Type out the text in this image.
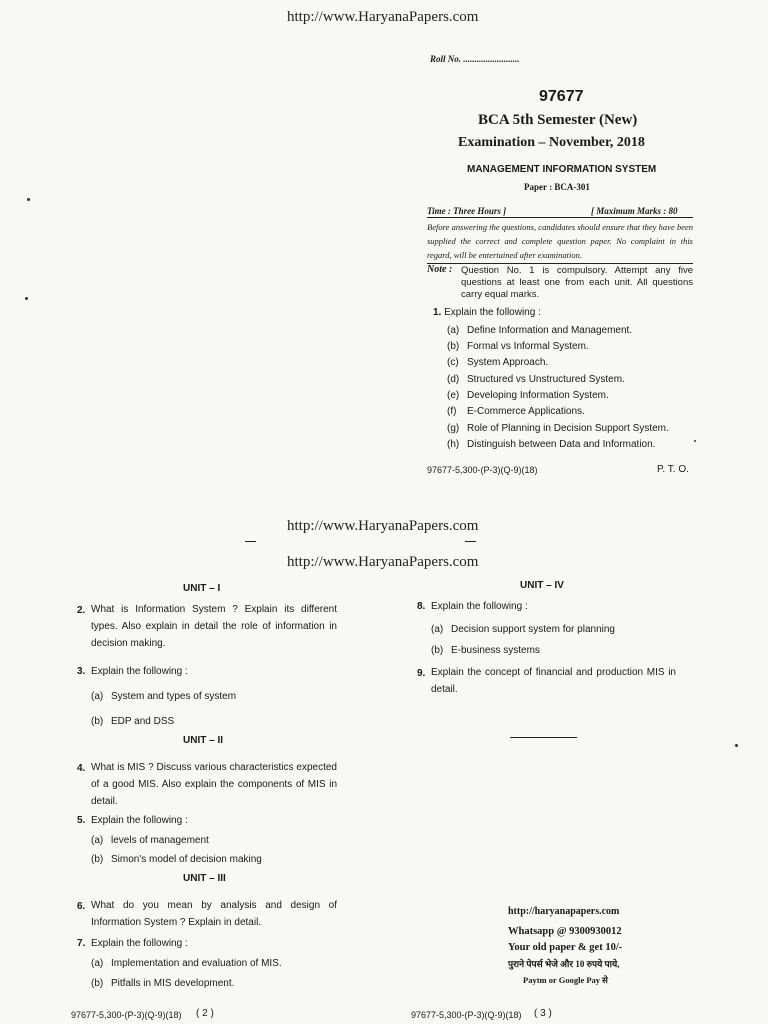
http://www.HaryanaPapers.com
Roll No. .........................
97677
BCA 5th Semester (New)
Examination – November, 2018
MANAGEMENT INFORMATION SYSTEM
Paper : BCA-301
Time : Three Hours ]	[ Maximum Marks : 80
Before answering the questions, candidates should ensure that they have been supplied the correct and complete question paper. No complaint in this regard, will be entertained after examination.
Note : Question No. 1 is compulsory. Attempt any five questions at least one from each unit. All questions carry equal marks.
1. Explain the following :
(a) Define Information and Management.
(b) Formal vs Informal System.
(c) System Approach.
(d) Structured vs Unstructured System.
(e) Developing Information System.
(f) E-Commerce Applications.
(g) Role of Planning in Decision Support System.
(h) Distinguish between Data and Information.
97677-5,300-(P-3)(Q-9)(18)	P. T. O.
http://www.HaryanaPapers.com
http://www.HaryanaPapers.com
UNIT – I
2. What is Information System ? Explain its different types. Also explain in detail the role of information in decision making.
3. Explain the following :
(a) System and types of system
(b) EDP and DSS
UNIT – II
4. What is MIS ? Discuss various characteristics expected of a good MIS. Also explain the components of MIS in detail.
5. Explain the following :
(a) levels of management
(b) Simon's model of decision making
UNIT – III
6. What do you mean by analysis and design of Information System ? Explain in detail.
7. Explain the following :
(a) Implementation and evaluation of MIS.
(b) Pitfalls in MIS development.
97677-5,300-(P-3)(Q-9)(18) ( 2 )
UNIT – IV
8. Explain the following :
(a) Decision support system for planning
(b) E-business systems
9. Explain the concept of financial and production MIS in detail.
http://haryanapapers.com
Whatsapp @ 9300930012
Your old paper & get 10/-
पुराने पेपर्स भेजे और 10 रुपये पाये,
Paytm or Google Pay से
97677-5,300-(P-3)(Q-9)(18) ( 3 )
